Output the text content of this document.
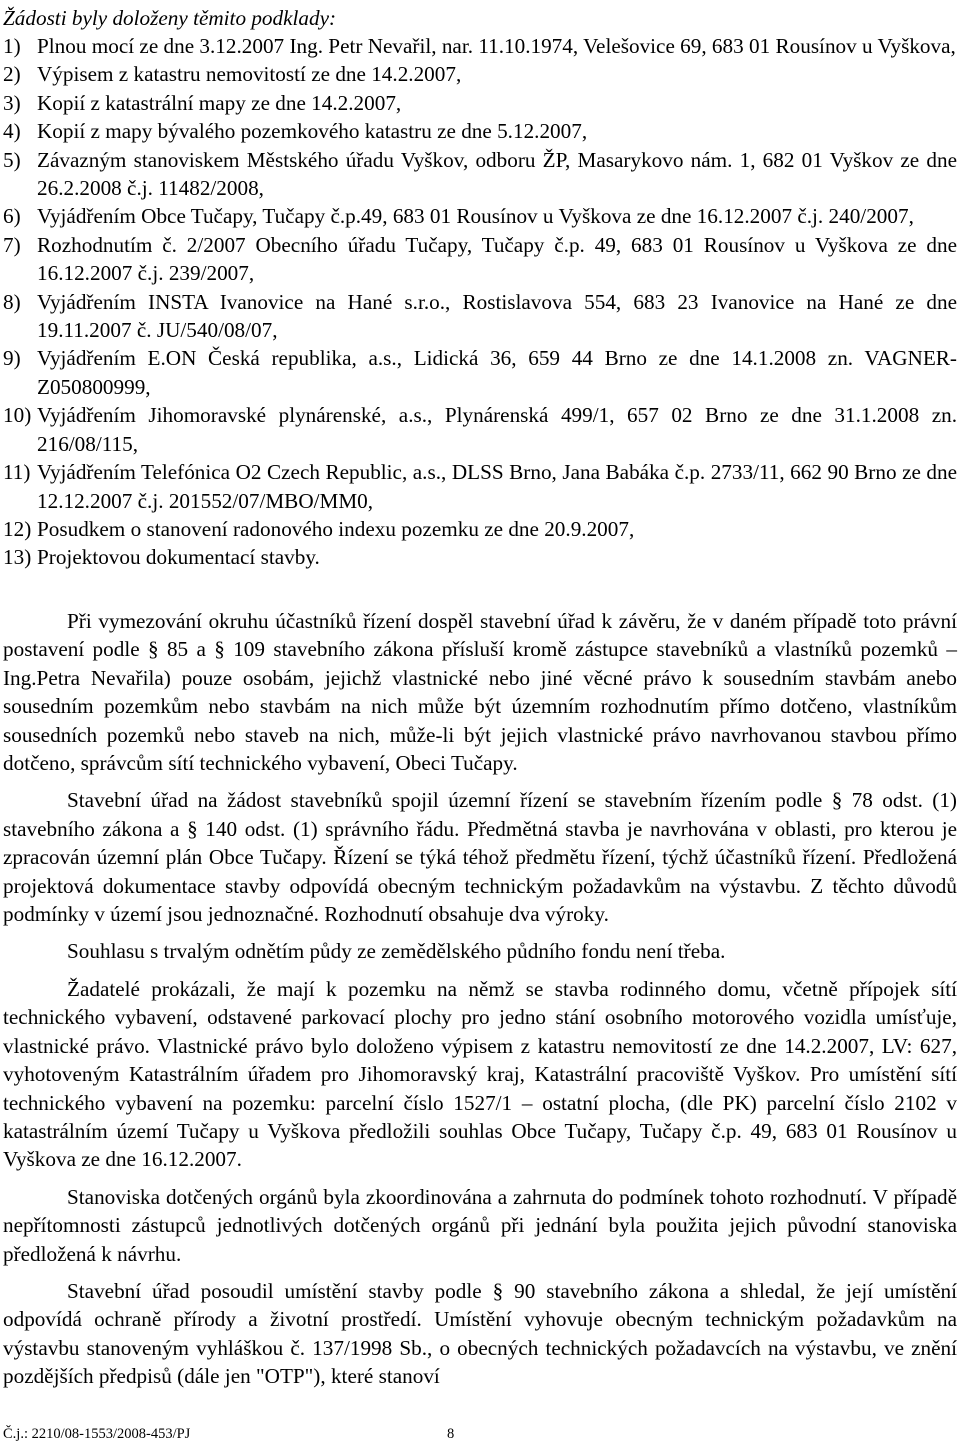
Žádosti byly doloženy těmito podklady:
1) Plnou mocí ze dne 3.12.2007 Ing. Petr Nevařil, nar. 11.10.1974, Velešovice 69, 683 01 Rousínov u Vyškova,
2) Výpisem z katastru nemovitostí ze dne 14.2.2007,
3) Kopií z katastrální mapy ze dne 14.2.2007,
4) Kopií z mapy bývalého pozemkového katastru ze dne 5.12.2007,
5) Závazným stanoviskem Městského úřadu Vyškov, odboru ŽP, Masarykovo nám. 1, 682 01 Vyškov ze dne 26.2.2008 č.j. 11482/2008,
6) Vyjádřením Obce Tučapy, Tučapy č.p.49, 683 01 Rousínov u Vyškova ze dne 16.12.2007 č.j. 240/2007,
7) Rozhodnutím č. 2/2007 Obecního úřadu Tučapy, Tučapy č.p. 49, 683 01 Rousínov u Vyškova ze dne 16.12.2007 č.j. 239/2007,
8) Vyjádřením INSTA Ivanovice na Hané s.r.o., Rostislavova 554, 683 23 Ivanovice na Hané ze dne 19.11.2007 č. JU/540/08/07,
9) Vyjádřením E.ON Česká republika, a.s., Lidická 36, 659 44 Brno ze dne 14.1.2008 zn. VAGNER-Z050800999,
10) Vyjádřením Jihomoravské plynárenské, a.s., Plynárenská 499/1, 657 02 Brno ze dne 31.1.2008 zn. 216/08/115,
11) Vyjádřením Telefónica O2 Czech Republic, a.s., DLSS Brno, Jana Babáka č.p. 2733/11, 662 90 Brno ze dne 12.12.2007 č.j. 201552/07/MBO/MM0,
12) Posudkem o stanovení radonového indexu pozemku ze dne 20.9.2007,
13) Projektovou dokumentací stavby.

Při vymezování okruhu účastníků řízení dospěl stavební úřad k závěru, že v daném případě toto právní postavení podle § 85 a § 109 stavebního zákona přísluší kromě zástupce stavebníků a vlastníků pozemků – Ing.Petra Nevařila) pouze osobám, jejichž vlastnické nebo jiné věcné právo k sousedním stavbám anebo sousedním pozemkům nebo stavbám na nich může být územním rozhodnutím přímo dotčeno, vlastníkům sousedních pozemků nebo staveb na nich, může-li být jejich vlastnické právo navrhovanou stavbou přímo dotčeno, správcům sítí technického vybavení, Obeci Tučapy.

Stavební úřad na žádost stavebníků spojil územní řízení se stavebním řízením podle § 78 odst. (1) stavebního zákona a § 140 odst. (1) správního řádu. Předmětná stavba je navrhována v oblasti, pro kterou je zpracován územní plán Obce Tučapy. Řízení se týká téhož předmětu řízení, týchž účastníků řízení. Předložená projektová dokumentace stavby odpovídá obecným technickým požadavkům na výstavbu. Z těchto důvodů podmínky v území jsou jednoznačné. Rozhodnutí obsahuje dva výroky.

Souhlasu s trvalým odnětím půdy ze zemědělského půdního fondu není třeba.

Žadatelé prokázali, že mají k pozemku na němž se stavba rodinného domu, včetně přípojek sítí technického vybavení, odstavené parkovací plochy pro jedno stání osobního motorového vozidla umísťuje, vlastnické právo. Vlastnické právo bylo doloženo výpisem z katastru nemovitostí ze dne 14.2.2007, LV: 627, vyhotoveným Katastrálním úřadem pro Jihomoravský kraj, Katastrální pracoviště Vyškov. Pro umístění sítí technického vybavení na pozemku: parcelní číslo 1527/1 – ostatní plocha, (dle PK) parcelní číslo 2102 v katastrálním území Tučapy u Vyškova předložili souhlas Obce Tučapy, Tučapy č.p. 49, 683 01 Rousínov u Vyškova ze dne 16.12.2007.

Stanoviska dotčených orgánů byla zkoordinována a zahrnuta do podmínek tohoto rozhodnutí. V případě nepřítomnosti zástupců jednotlivých dotčených orgánů při jednání byla použita jejich původní stanoviska předložená k návrhu.

Stavební úřad posoudil umístění stavby podle § 90 stavebního zákona a shledal, že její umístění odpovídá ochraně přírody a životní prostředí. Umístění vyhovuje obecným technickým požadavkům na výstavbu stanoveným vyhláškou č. 137/1998 Sb., o obecných technických požadavcích na výstavbu, ve znění pozdějších předpisů (dále jen "OTP"), které stanoví

Č.j.: 2210/08-1553/2008-453/PJ	8
